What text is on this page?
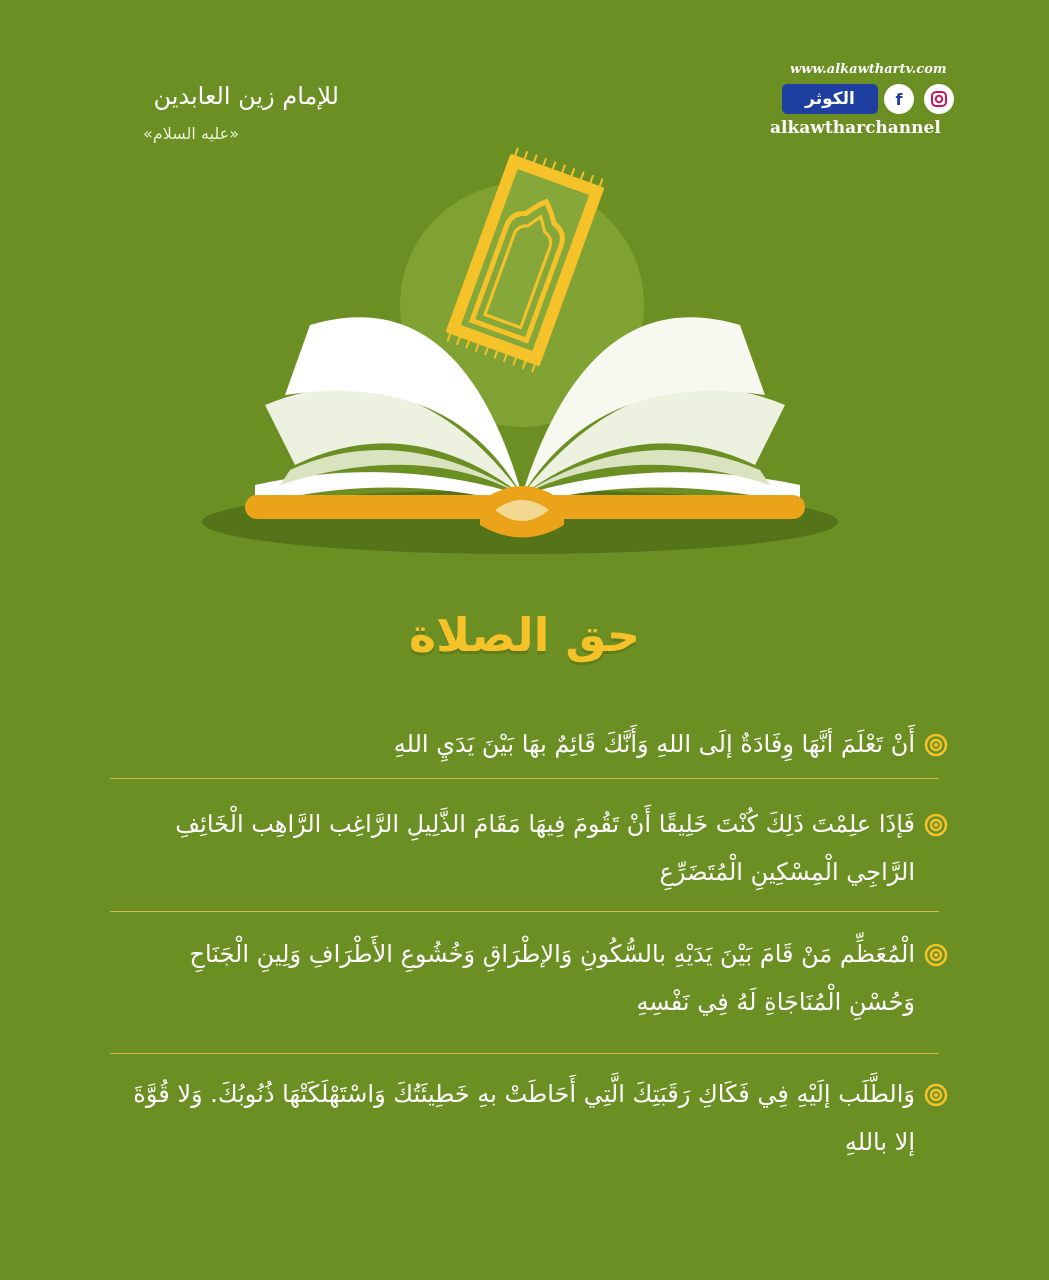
للإمام زين العابدين
«عليه السلام»
www.alkawthartv.com
الكوثر	f
alkawtharchannel
حق الصلاة

أَنْ تَعْلَمَ أنَّهَا وِفَادَةٌ إلَى اللهِ وَأَنَّكَ قَائِمٌ بهَا بَيْنَ يَدَيِ اللهِ

فَإذَا علِمْتَ ذَلِكَ كُنْتَ خَلِيقًا أَنْ تَقُومَ فِيهَا مَقَامَ الذَّلِيلِ الرَّاغِب الرَّاهِب الْخَائِفِ الرَّاجِي الْمِسْكِينِ الْمُتَضَرِّعِ

الْمُعَظِّم مَنْ قَامَ بَيْنَ يَدَيْهِ بالسُّكُونِ وَالإطْرَاقِ وَخُشُوعِ الأَطْرَافِ وَلِينِ الْجَنَاحِ وَحُسْنِ الْمُنَاجَاةِ لَهُ فِي نَفْسِهِ

وَالطَّلَب إلَيْهِ فِي فَكَاكِ رَقَبَتِكَ الَّتِي أَحَاطَتْ بهِ خَطِيئَتُكَ وَاسْتَهْلَكَتْهَا ذُنُوبُكَ. وَلا قُوَّةَ إلا باللهِ
